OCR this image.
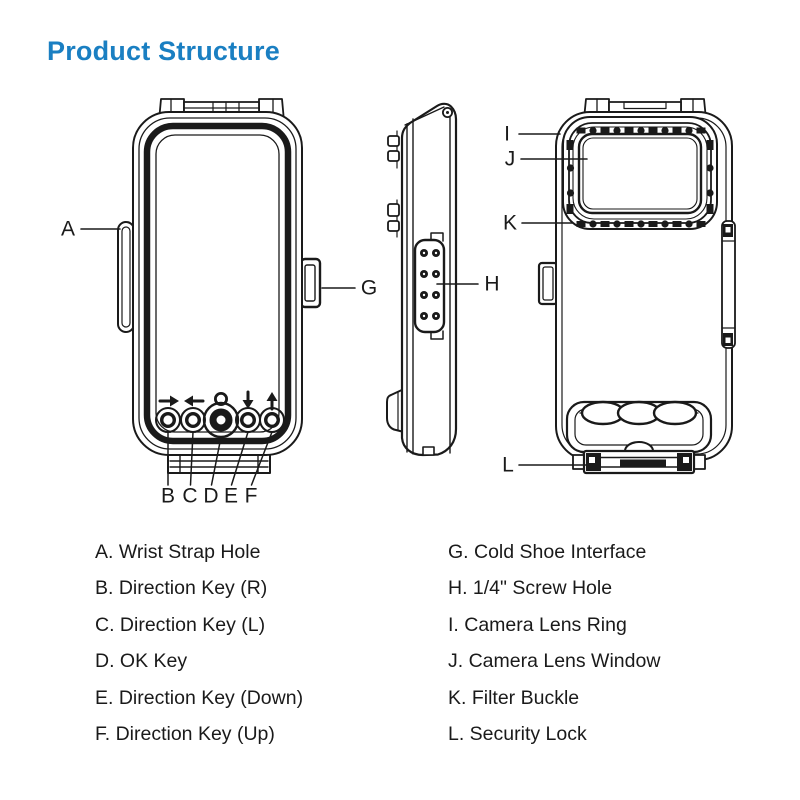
Product Structure
A
G	H
I
J
K
L
B C D E F

A. Wrist Strap Hole

B. Direction Key (R)

C. Direction Key (L)

D. OK Key

E. Direction Key (Down)

F. Direction Key (Up)

G. Cold Shoe Interface

H. 1/4" Screw Hole

I. Camera Lens Ring

J. Camera Lens Window

K. Filter Buckle

L. Security Lock
